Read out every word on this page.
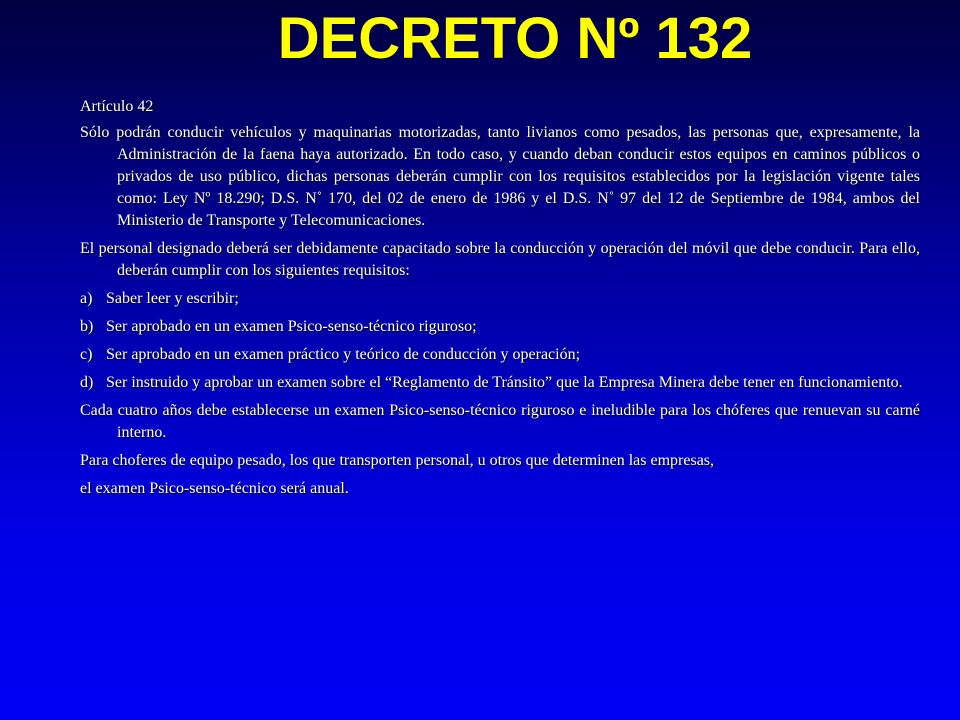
DECRETO Nº 132

Artículo 42

Sólo podrán conducir vehículos y maquinarias motorizadas, tanto livianos como pesados, las personas que, expresamente, la Administración de la faena haya autorizado. En todo caso, y cuando deban conducir estos equipos en caminos públicos o privados de uso público, dichas personas deberán cumplir con los requisitos establecidos por la legislación vigente tales como: Ley Nº 18.290; D.S. N˚ 170, del 02 de enero de 1986 y el D.S. N˚ 97 del 12 de Septiembre de 1984, ambos del Ministerio de Transporte y Telecomunicaciones.

El personal designado deberá ser debidamente capacitado sobre la conducción y operación del móvil que debe conducir. Para ello, deberán cumplir con los siguientes requisitos:

a) Saber leer y escribir;

b) Ser aprobado en un examen Psico-senso-técnico riguroso;

c) Ser aprobado en un examen práctico y teórico de conducción y operación;

d) Ser instruido y aprobar un examen sobre el “Reglamento de Tránsito” que la Empresa Minera debe tener en funcionamiento.

Cada cuatro años debe establecerse un examen Psico-senso-técnico riguroso e ineludible para los chóferes que renuevan su carné interno.

Para choferes de equipo pesado, los que transporten personal, u otros que determinen las empresas,

el examen Psico-senso-técnico será anual.
